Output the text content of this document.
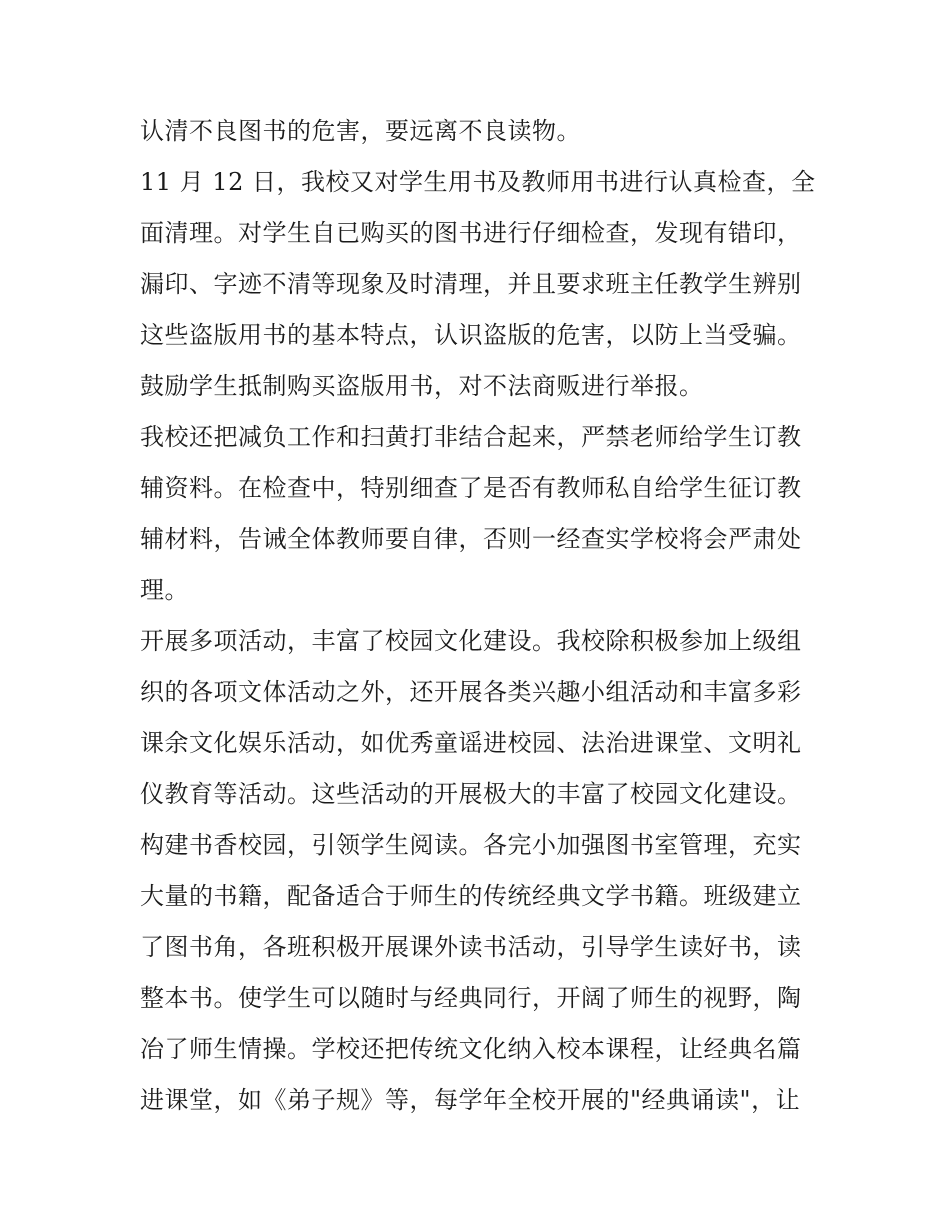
认清不良图书的危害，要远离不良读物。
11 月 12 日，我校又对学生用书及教师用书进行认真检查，全
面清理。对学生自已购买的图书进行仔细检查，发现有错印，
漏印、字迹不清等现象及时清理，并且要求班主任教学生辨别
这些盗版用书的基本特点，认识盗版的危害，以防上当受骗。
鼓励学生抵制购买盗版用书，对不法商贩进行举报。
我校还把减负工作和扫黄打非结合起来，严禁老师给学生订教
辅资料。在检查中，特别细查了是否有教师私自给学生征订教
辅材料，告诫全体教师要自律，否则一经查实学校将会严肃处
理。
开展多项活动，丰富了校园文化建设。我校除积极参加上级组
织的各项文体活动之外，还开展各类兴趣小组活动和丰富多彩
课余文化娱乐活动，如优秀童谣进校园、法治进课堂、文明礼
仪教育等活动。这些活动的开展极大的丰富了校园文化建设。
构建书香校园，引领学生阅读。各完小加强图书室管理，充实
大量的书籍，配备适合于师生的传统经典文学书籍。班级建立
了图书角，各班积极开展课外读书活动，引导学生读好书，读
整本书。使学生可以随时与经典同行，开阔了师生的视野，陶
冶了师生情操。学校还把传统文化纳入校本课程，让经典名篇
进课堂，如《弟子规》等，每学年全校开展的"经典诵读"，让
